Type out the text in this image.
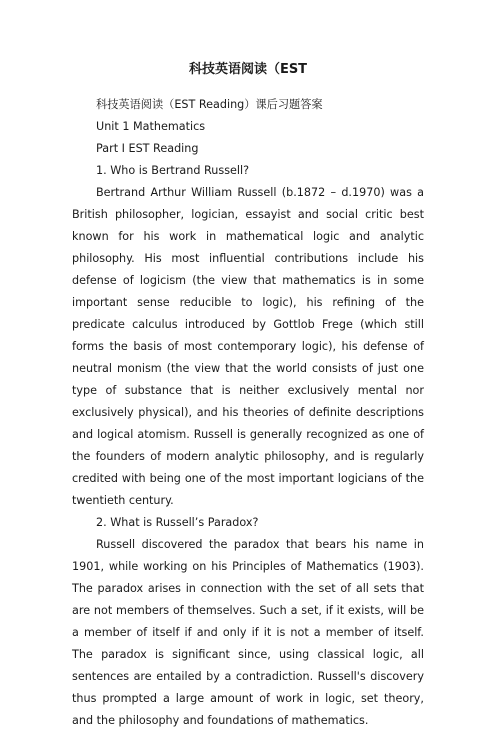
科技英语阅读（EST

科技英语阅读（EST Reading）课后习题答案

Unit 1 Mathematics

Part I EST Reading

1. Who is Bertrand Russell?

Bertrand Arthur William Russell (b.1872 – d.1970) was a British philosopher, logician, essayist and social critic best known for his work in mathematical logic and analytic philosophy. His most influential contributions include his defense of logicism (the view that mathematics is in some important sense reducible to logic), his refining of the predicate calculus introduced by Gottlob Frege (which still forms the basis of most contemporary logic), his defense of neutral monism (the view that the world consists of just one type of substance that is neither exclusively mental nor exclusively physical), and his theories of definite descriptions and logical atomism. Russell is generally recognized as one of the founders of modern analytic philosophy, and is regularly credited with being one of the most important logicians of the twentieth century.

2. What is Russell’s Paradox?

Russell discovered the paradox that bears his name in 1901, while working on his Principles of Mathematics (1903). The paradox arises in connection with the set of all sets that are not members of themselves. Such a set, if it exists, will be a member of itself if and only if it is not a member of itself. The paradox is significant since, using classical logic, all sentences are entailed by a contradiction. Russell's discovery thus prompted a large amount of work in logic, set theory, and the philosophy and foundations of mathematics.
